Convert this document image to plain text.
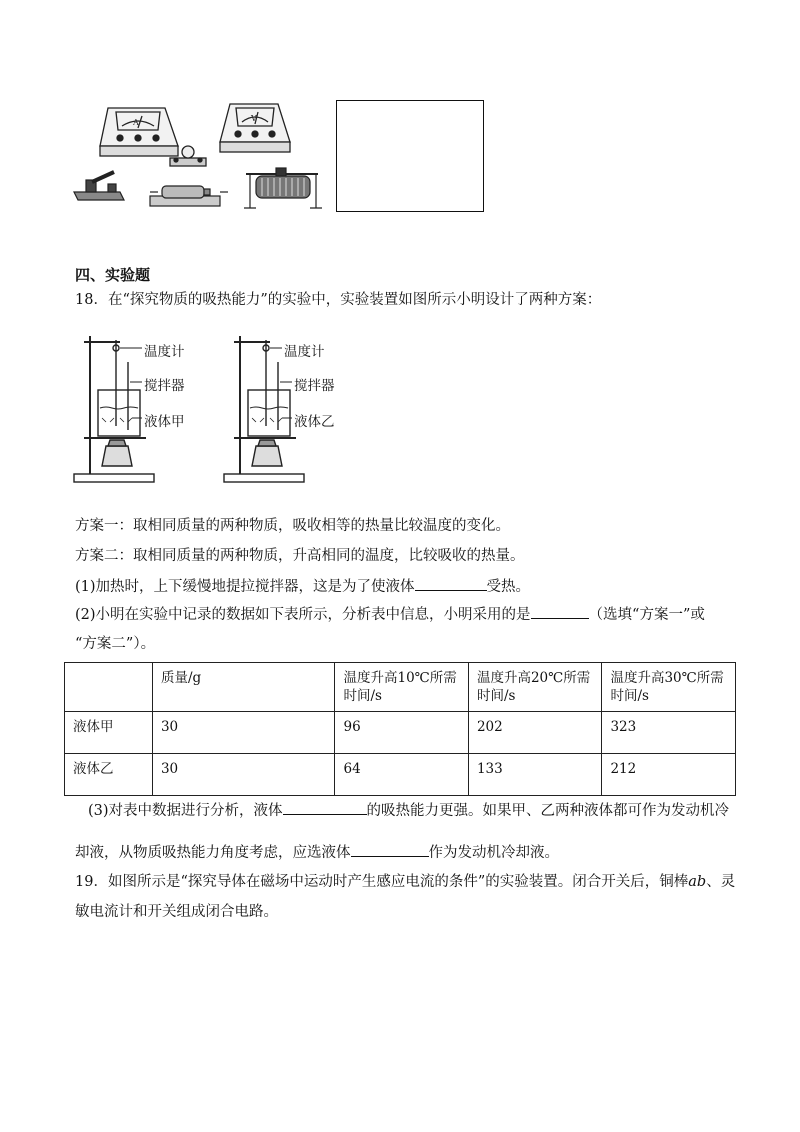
A	V
四、实验题
18．在“探究物质的吸热能力”的实验中，实验装置如图所示小明设计了两种方案：
温度计
搅拌器
液体甲
温度计
搅拌器
液体乙
方案一：取相同质量的两种物质，吸收相等的热量比较温度的变化。
方案二：取相同质量的两种物质，升高相同的温度，比较吸收的热量。
(1)加热时，上下缓慢地提拉搅拌器，这是为了使液体	受热。
(2)小明在实验中记录的数据如下表所示，分析表中信息，小明采用的是	（选填“方案一”或
“方案二”）。
	质量/g	温度升高10℃所需时间/s	温度升高20℃所需时间/s	温度升高30℃所需时间/s
液体甲	30	96	202	323
液体乙	30	64	133	212
(3)对表中数据进行分析，液体	的吸热能力更强。如果甲、乙两种液体都可作为发动机冷
却液，从物质吸热能力角度考虑，应选液体	作为发动机冷却液。
19．如图所示是“探究导体在磁场中运动时产生感应电流的条件”的实验装置。闭合开关后，铜棒ab、灵
敏电流计和开关组成闭合电路。
